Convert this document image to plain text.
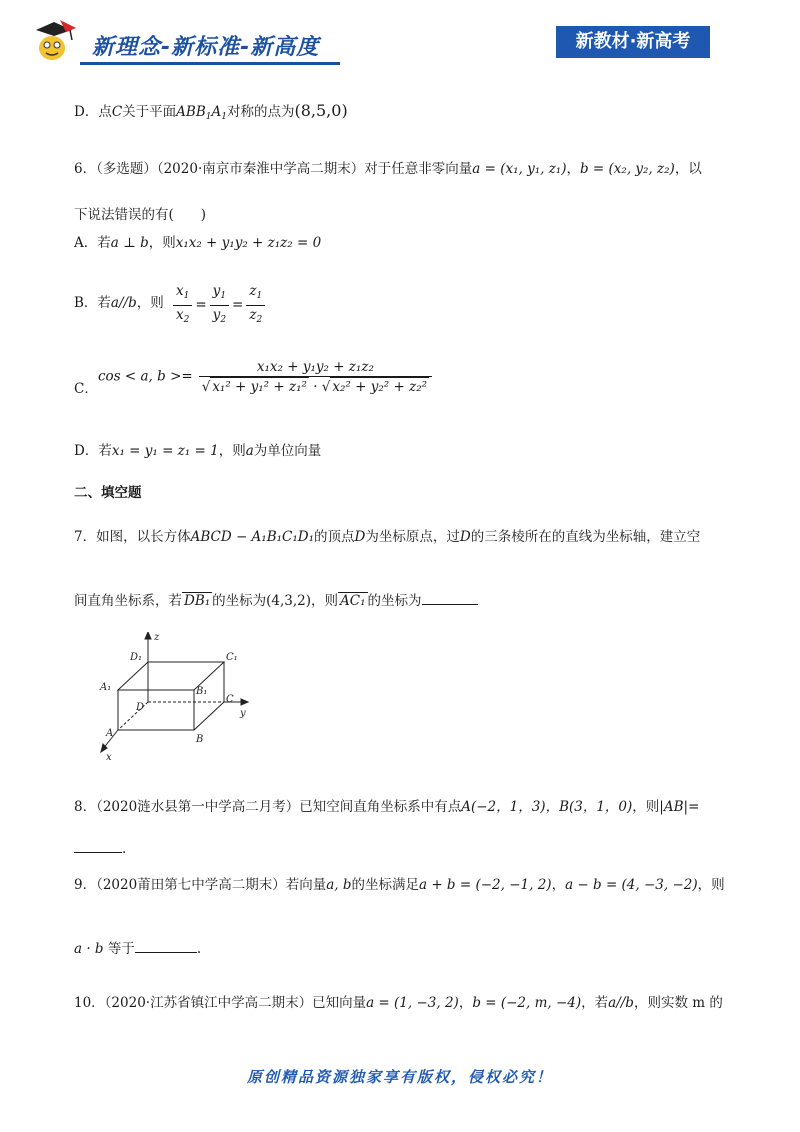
新理念-新标准-新高度	新教材·新高考
D．点C关于平面$ABB_1A_1$对称的点为(8,5,0)
6．（多选题）（2020·南京市秦淮中学高二期末）对于任意非零向量a = (x₁, y₁, z₁)，b = (x₂, y₂, z₂)，以
下说法错误的有(　　)
A．若a ⊥ b，则x₁x₂ + y₁y₂ + z₁z₂ = 0
B．若a//b，则 $\frac{x_1}{x_2} = \frac{y_1}{y_2} = \frac{z_1}{z_2}$
C．
cos < a, $b >= \frac{\text{x₁x₂ + y₁y₂ + z₁z₂}}{\text{√ x₁² + y₁² + z₁² · √ x₂² + y₂² + z₂²}}$
D．若x₁ = y₁ = z₁ = 1，则a为单位向量
二、填空题
7．如图，以长方体ABCD − A₁B₁C₁D₁的顶点D为坐标原点，过D的三条棱所在的直线为坐标轴，建立空
间直角坐标系，若 DB₁ 的坐标为(4,3,2)，则 AC₁ 的坐标为
8．（2020涟水县第一中学高二月考）已知空间直角坐标系中有点A(−2，1，3)，B(3，1，0)，则|AB|=
.
9．（2020莆田第七中学高二期末）若向量a, b的坐标满足a + b = (−2, −1, 2)，a − b = (4, −3, −2)，则
a · b 等于	.
10．（2020·江苏省镇江中学高二期末）已知向量a = (1, −3, 2)，b = (−2, m, −4)，若a//b，则实数 m 的
z
y
x
D₁	C₁
A₁	B₁
D
C
A
B
原创精品资源独家享有版权，侵权必究！
